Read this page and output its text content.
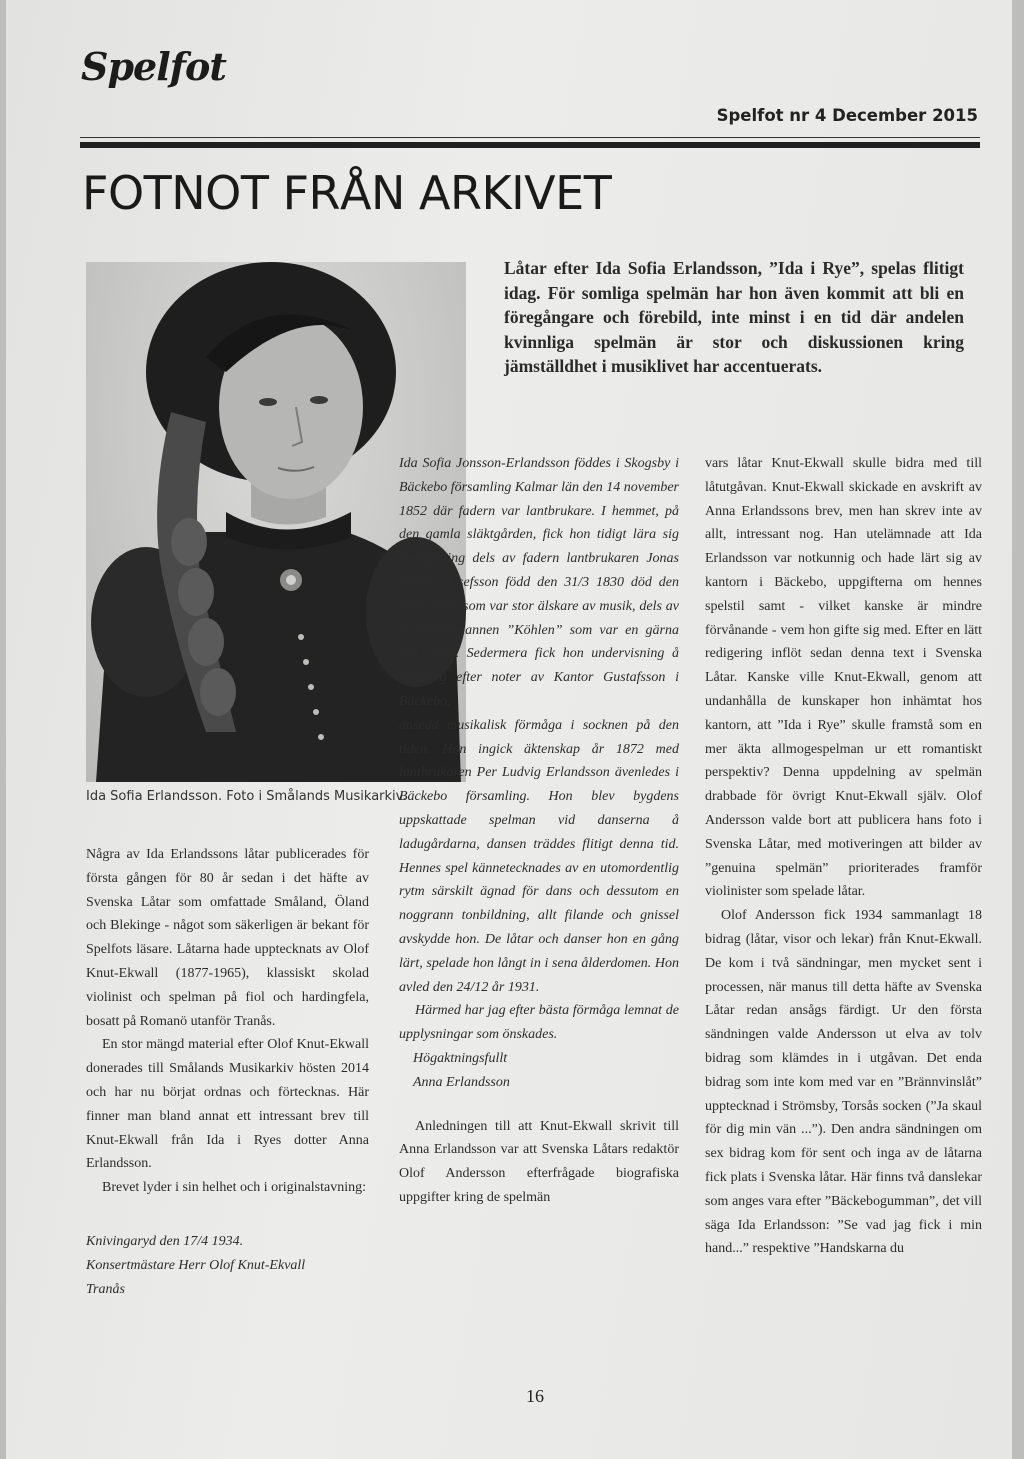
Spelfot
Spelfot nr 4 December 2015
FOTNOT FRÅN ARKIVET
Ida Sofia Erlandsson. Foto i Smålands Musikarkiv.

Låtar efter Ida Sofia Erlandsson, ”Ida i Rye”, spelas flitigt idag. För somliga spelmän har hon även kommit att bli en föregångare och förebild, inte minst i en tid där andelen kvinnliga spelmän är stor och diskussionen kring jämställdhet i musiklivet har accentuerats.

Några av Ida Erlandssons låtar publicerades för första gången för 80 år sedan i det häfte av Svenska Låtar som omfattade Småland, Öland och Blekinge - något som säkerligen är bekant för Spelfots läsare. Låtarna hade upptecknats av Olof Knut-Ekwall (1877-1965), klassiskt skolad violinist och spelman på fiol och hardingfela, bosatt på Romanö utanför Tranås.

En stor mängd material efter Olof Knut-Ekwall donerades till Smålands Musikarkiv hösten 2014 och har nu börjat ordnas och förtecknas. Här finner man bland annat ett intressant brev till Knut-Ekwall från Ida i Ryes dotter Anna Erlandsson.

Brevet lyder i sin helhet och i originalstavning:

Knivingaryd den 17/4 1934.

Konsertmästare Herr Olof Knut-Ekvall

Tranås

Ida Sofia Jonsson-Erlandsson föddes i Skogsby i Bäckebo församling Kalmar län den 14 november 1852 där fadern var lantbrukare. I hemmet, på den gamla släktgården, fick hon tidigt lära sig fiolspelning dels av fadern lantbrukaren Jonas Ludvig Josefsson född den 31/3 1830 död den 18/6 1875, som var stor älskare av musik, dels av bygdespelmannen ”Köhlen” som var en gärna sedd gäst. Sedermera fick hon undervisning å spelning efter noter av Kantor Gustafsson i Bäckebo,

ansedd musikalisk förmåga i socknen på den tiden. Hon ingick äktenskap år 1872 med lantbrukaren Per Ludvig Erlandsson ävenledes i Bäckebo församling. Hon blev bygdens uppskattade spelman vid danserna å ladugårdarna, dansen träddes flitigt denna tid. Hennes spel kännetecknades av en utomordentlig rytm särskilt ägnad för dans och dessutom en noggrann tonbildning, allt filande och gnissel avskydde hon. De låtar och danser hon en gång lärt, spelade hon långt in i sena ålderdomen. Hon avled den 24/12 år 1931.

Härmed har jag efter bästa förmåga lemnat de upplysningar som önskades.

Högaktningsfullt

Anna Erlandsson

Anledningen till att Knut-Ekwall skrivit till Anna Erlandsson var att Svenska Låtars redaktör Olof Andersson efterfrågade biografiska uppgifter kring de spelmän

vars låtar Knut-Ekwall skulle bidra med till låtutgåvan. Knut-Ekwall skickade en avskrift av Anna Erlandssons brev, men han skrev inte av allt, intressant nog. Han utelämnade att Ida Erlandsson var notkunnig och hade lärt sig av kantorn i Bäckebo, uppgifterna om hennes spelstil samt - vilket kanske är mindre förvånande - vem hon gifte sig med. Efter en lätt redigering inflöt sedan denna text i Svenska Låtar. Kanske ville Knut-Ekwall, genom att undanhålla de kunskaper hon inhämtat hos kantorn, att ”Ida i Rye” skulle framstå som en mer äkta allmogespelman ur ett romantiskt perspektiv? Denna uppdelning av spelmän drabbade för övrigt Knut-Ekwall själv. Olof Andersson valde bort att publicera hans foto i Svenska Låtar, med motiveringen att bilder av ”genuina spelmän” prioriterades framför violinister som spelade låtar.

Olof Andersson fick 1934 sammanlagt 18 bidrag (låtar, visor och lekar) från Knut-Ekwall. De kom i två sändningar, men mycket sent i processen, när manus till detta häfte av Svenska Låtar redan ansågs färdigt. Ur den första sändningen valde Andersson ut elva av tolv bidrag som klämdes in i utgåvan. Det enda bidrag som inte kom med var en ”Brännvinslåt” upptecknad i Strömsby, Torsås socken (”Ja skaul för dig min vän ...”). Den andra sändningen om sex bidrag kom för sent och inga av de låtarna fick plats i Svenska låtar. Här finns två danslekar som anges vara efter ”Bäckebogumman”, det vill säga Ida Erlandsson: ”Se vad jag fick i min hand...” respektive ”Handskarna du

16
